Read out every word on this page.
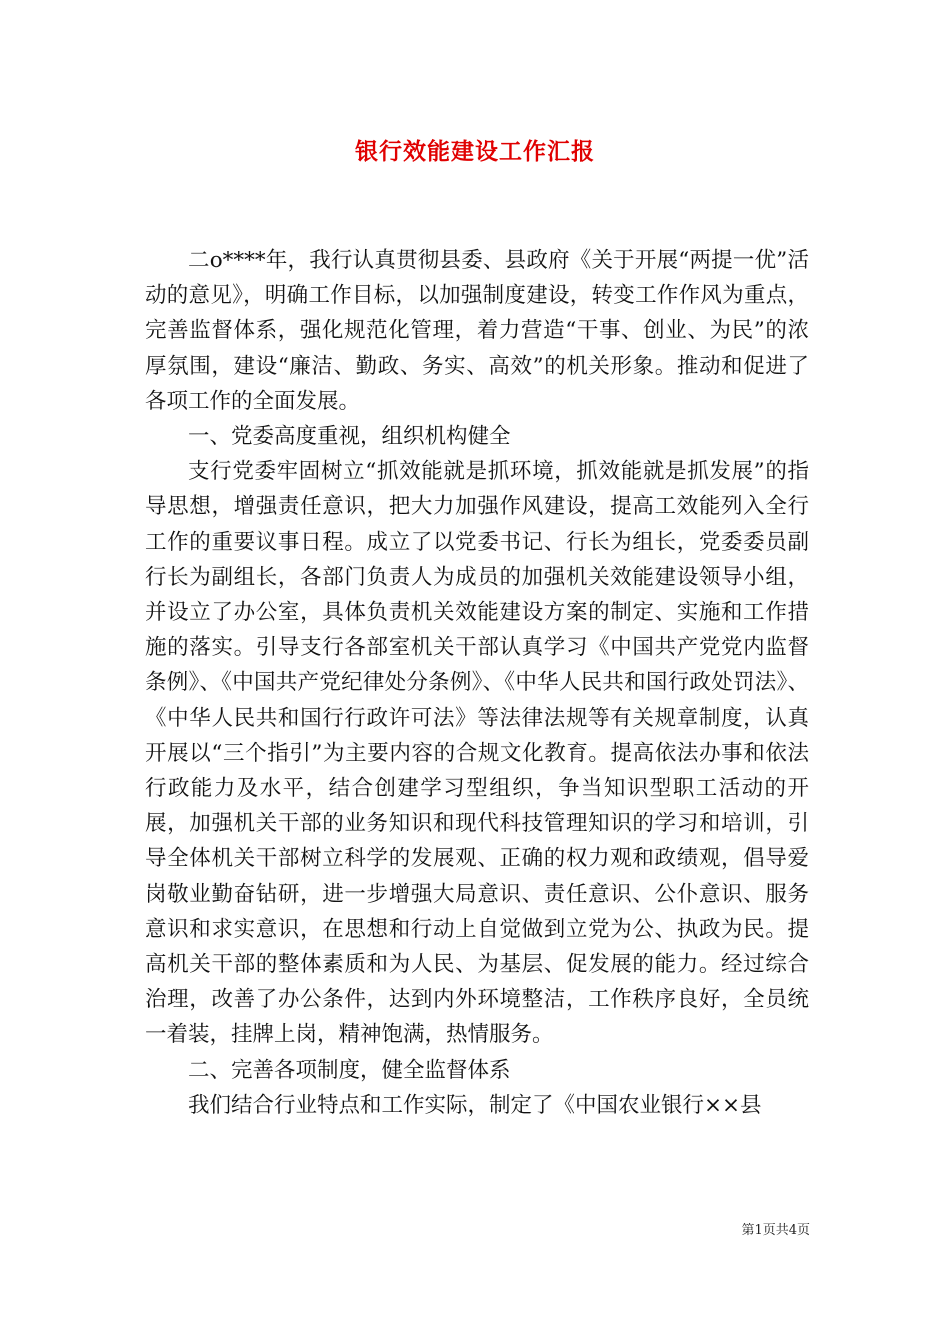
银行效能建设工作汇报

二o****年，我行认真贯彻县委、县政府《关于开展“两提一优”活动的意见》，明确工作目标，以加强制度建设，转变工作作风为重点，完善监督体系，强化规范化管理，着力营造“干事、创业、为民”的浓厚氛围，建设“廉洁、勤政、务实、高效”的机关形象。推动和促进了各项工作的全面发展。

一、党委高度重视，组织机构健全

支行党委牢固树立“抓效能就是抓环境，抓效能就是抓发展”的指导思想，增强责任意识，把大力加强作风建设，提高工效能列入全行工作的重要议事日程。成立了以党委书记、行长为组长，党委委员副行长为副组长，各部门负责人为成员的加强机关效能建设领导小组，并设立了办公室，具体负责机关效能建设方案的制定、实施和工作措施的落实。引导支行各部室机关干部认真学习《中国共产党党内监督条例》、《中国共产党纪律处分条例》、《中华人民共和国行政处罚法》、《中华人民共和国行行政许可法》等法律法规等有关规章制度，认真开展以“三个指引”为主要内容的合规文化教育。提高依法办事和依法行政能力及水平，结合创建学习型组织，争当知识型职工活动的开展，加强机关干部的业务知识和现代科技管理知识的学习和培训，引导全体机关干部树立科学的发展观、正确的权力观和政绩观，倡导爱岗敬业勤奋钻研，进一步增强大局意识、责任意识、公仆意识、服务意识和求实意识，在思想和行动上自觉做到立党为公、执政为民。提高机关干部的整体素质和为人民、为基层、促发展的能力。经过综合治理，改善了办公条件，达到内外环境整洁，工作秩序良好，全员统一着装，挂牌上岗，精神饱满，热情服务。

二、完善各项制度，健全监督体系

我们结合行业特点和工作实际，制定了《中国农业银行××县

第1页共4页
